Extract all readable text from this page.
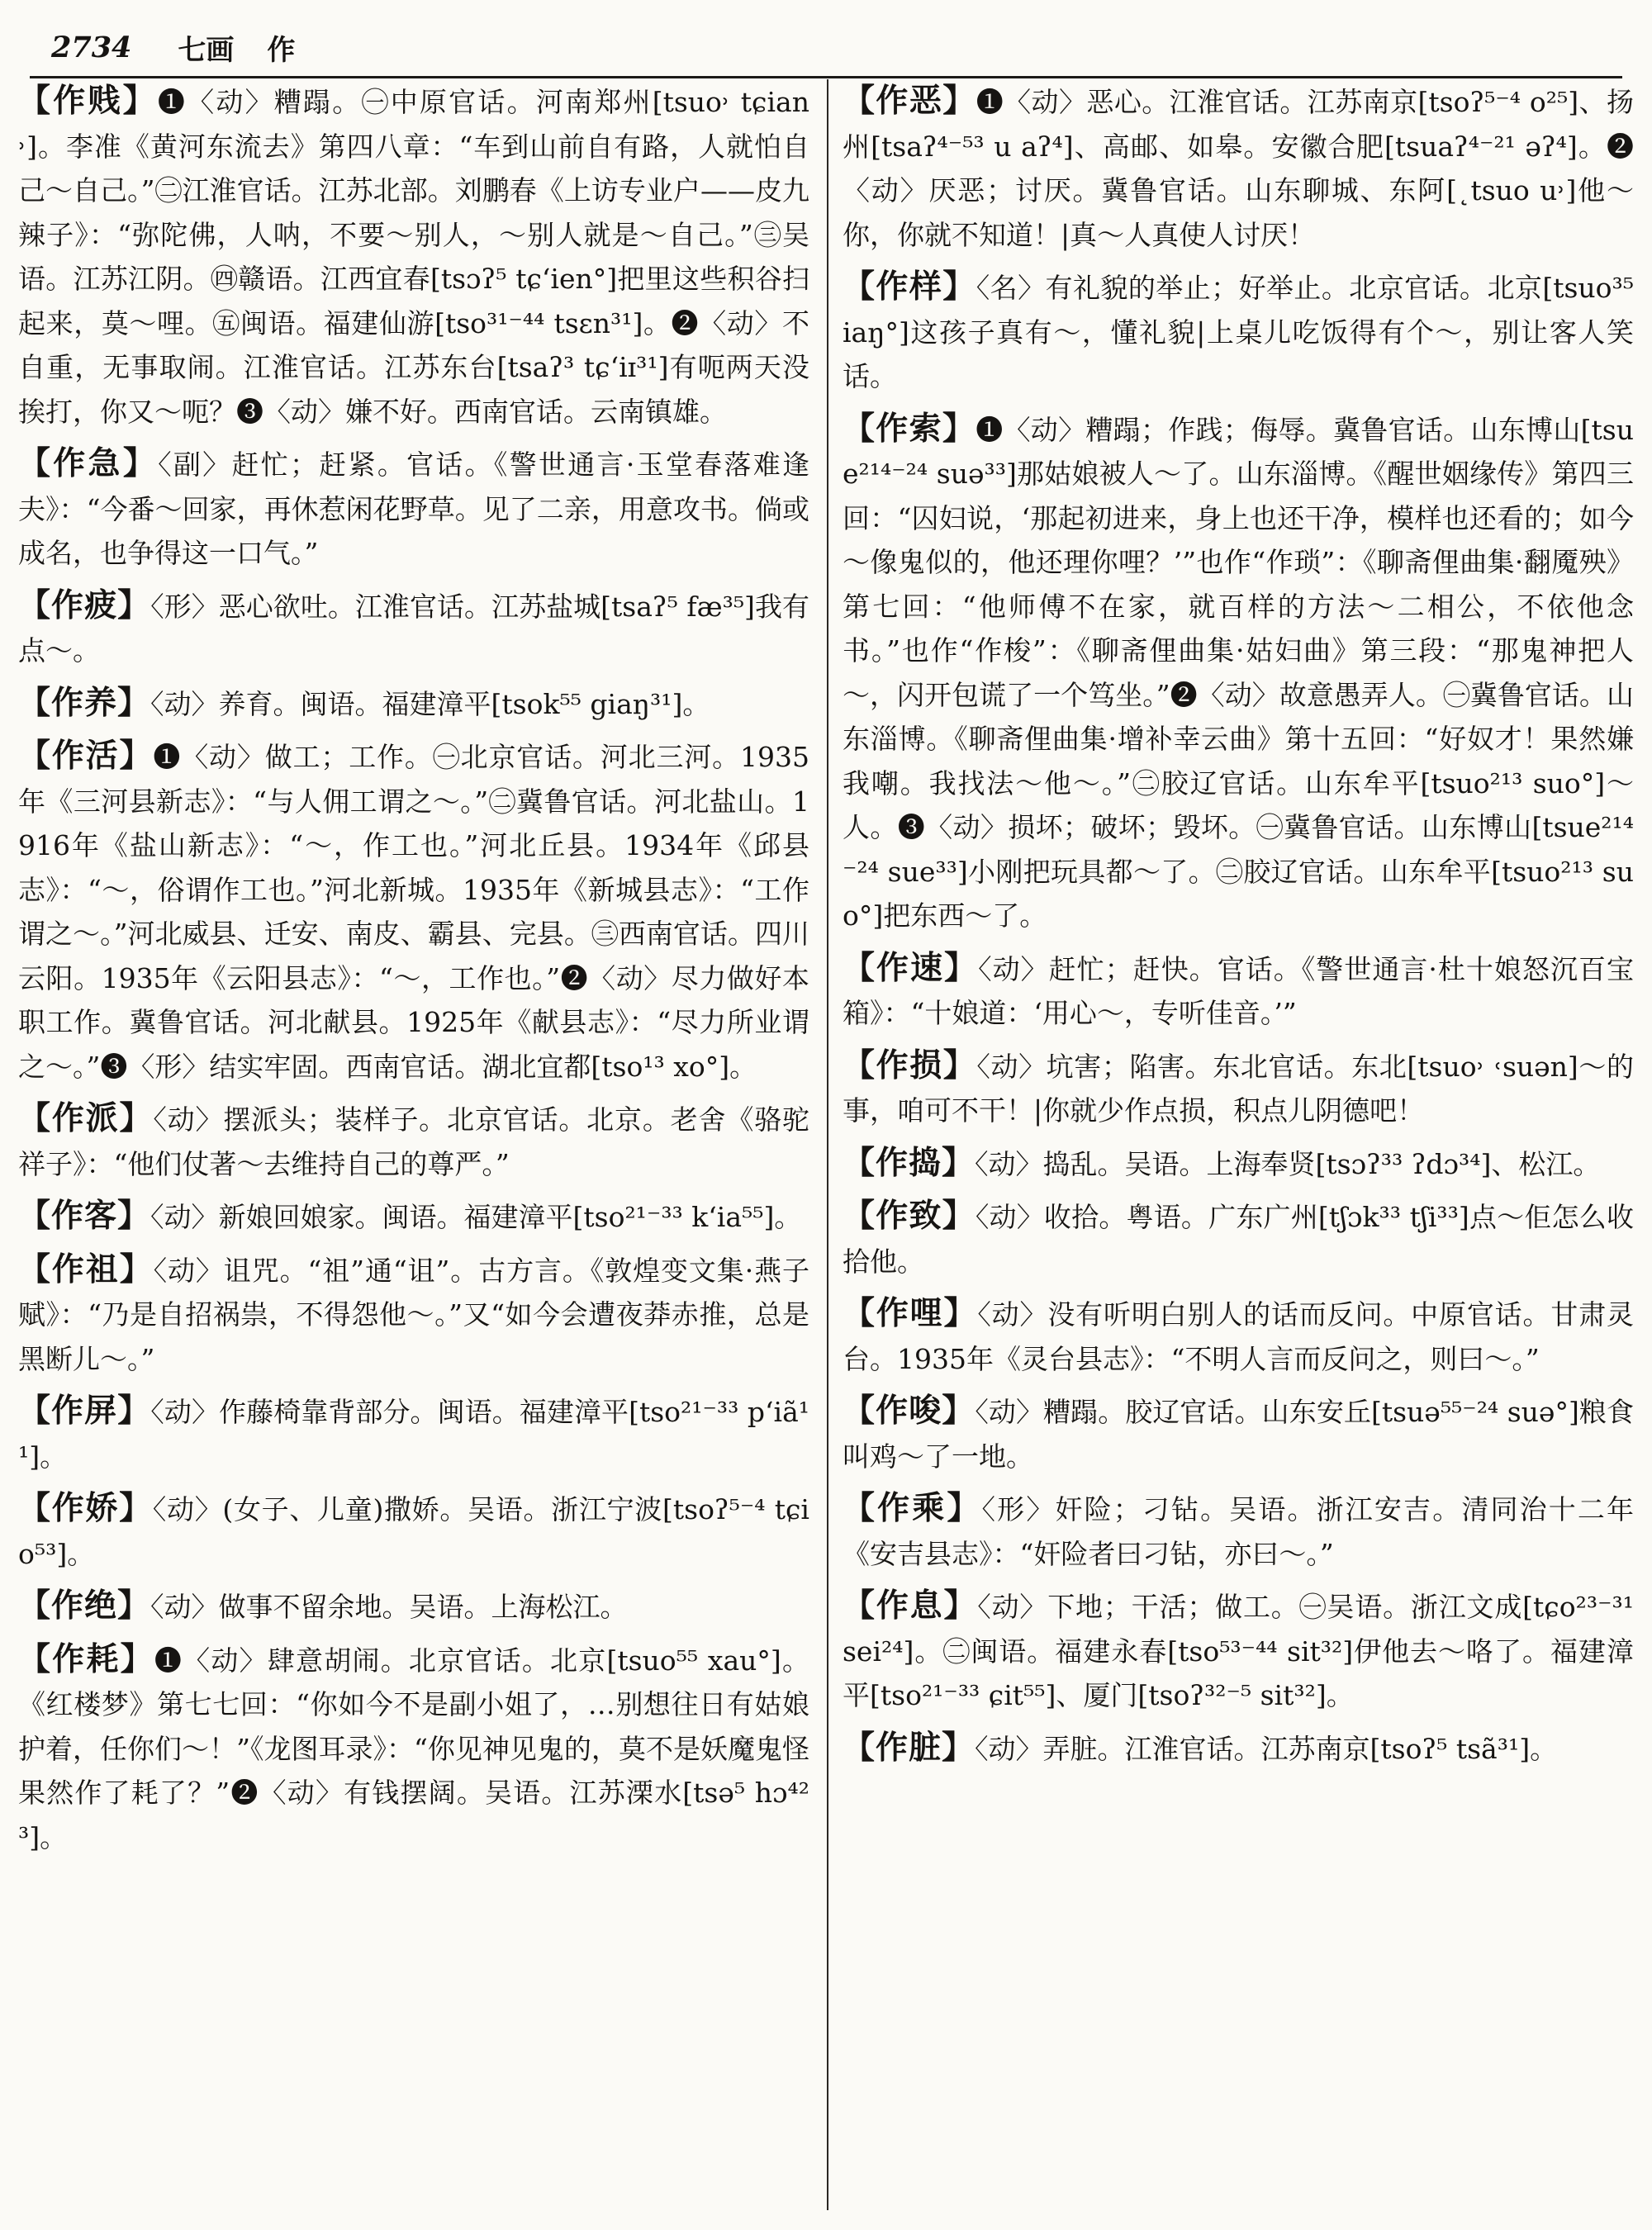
2734 七画 作

【作贱】❶〈动〉糟蹋。㊀中原官话。河南郑州[tsuo˒ tɕian˒]。李准《黄河东流去》第四八章：“车到山前自有路，人就怕自己～自己。”㊁江淮官话。江苏北部。刘鹏春《上访专业户——皮九辣子》：“弥陀佛，人呐，不要～别人，～别人就是～自己。”㊂吴语。江苏江阴。㊃赣语。江西宜春[tsɔʔ⁵ tɕʻien°]把里这些积谷扫起来，莫～哩。㊄闽语。福建仙游[tso³¹⁻⁴⁴ tsɛn³¹]。❷〈动〉不自重，无事取闹。江淮官话。江苏东台[tsaʔ³ tɕʻiɪ³¹]有呃两天没挨打，你又～呃？❸〈动〉嫌不好。西南官话。云南镇雄。

【作急】〈副〉赶忙；赶紧。官话。《警世通言·玉堂春落难逢夫》：“今番～回家，再休惹闲花野草。见了二亲，用意攻书。倘或成名，也争得这一口气。”

【作疲】〈形〉恶心欲吐。江淮官话。江苏盐城[tsaʔ⁵ fæ³⁵]我有点～。

【作养】〈动〉养育。闽语。福建漳平[tsok⁵⁵ giaŋ³¹]。

【作活】❶〈动〉做工；工作。㊀北京官话。河北三河。1935年《三河县新志》：“与人佣工谓之～。”㊁冀鲁官话。河北盐山。1916年《盐山新志》：“～，作工也。”河北丘县。1934年《邱县志》：“～，俗谓作工也。”河北新城。1935年《新城县志》：“工作谓之～。”河北威县、迁安、南皮、霸县、完县。㊂西南官话。四川云阳。1935年《云阳县志》：“～，工作也。”❷〈动〉尽力做好本职工作。冀鲁官话。河北献县。1925年《献县志》：“尽力所业谓之～。”❸〈形〉结实牢固。西南官话。湖北宜都[tso¹³ xo°]。

【作派】〈动〉摆派头；装样子。北京官话。北京。老舍《骆驼祥子》：“他们仗著～去维持自己的尊严。”

【作客】〈动〉新娘回娘家。闽语。福建漳平[tso²¹⁻³³ kʻia⁵⁵]。

【作祖】〈动〉诅咒。“祖”通“诅”。古方言。《敦煌变文集·燕子赋》：“乃是自招祸祟，不得怨他～。”又“如今会遭夜莽赤推，总是黑断儿～。”

【作屏】〈动〉作藤椅靠背部分。闽语。福建漳平[tso²¹⁻³³ pʻiã¹¹]。

【作娇】〈动〉(女子、儿童)撒娇。吴语。浙江宁波[tsoʔ⁵⁻⁴ tɕio⁵³]。

【作绝】〈动〉做事不留余地。吴语。上海松江。

【作耗】❶〈动〉肆意胡闹。北京官话。北京[tsuo⁵⁵ xau°]。《红楼梦》第七七回：“你如今不是副小姐了，…别想往日有姑娘护着，任你们～！”《龙图耳录》：“你见神见鬼的，莫不是妖魔鬼怪果然作了耗了？”❷〈动〉有钱摆阔。吴语。江苏溧水[tsə⁵ hɔ⁴²³]。

【作恶】❶〈动〉恶心。江淮官话。江苏南京[tsoʔ⁵⁻⁴ o²⁵]、扬州[tsaʔ⁴⁻⁵³ u aʔ⁴]、高邮、如皋。安徽合肥[tsuaʔ⁴⁻²¹ əʔ⁴]。❷〈动〉厌恶；讨厌。冀鲁官话。山东聊城、东阿[˛tsuo u˒]他～你，你就不知道！|真～人真使人讨厌！

【作样】〈名〉有礼貌的举止；好举止。北京官话。北京[tsuo³⁵ iaŋ°]这孩子真有～，懂礼貌|上桌儿吃饭得有个～，别让客人笑话。

【作索】❶〈动〉糟蹋；作践；侮辱。冀鲁官话。山东博山[tsue²¹⁴⁻²⁴ suə³³]那姑娘被人～了。山东淄博。《醒世姻缘传》第四三回：“囚妇说，‘那起初进来，身上也还干净，模样也还看的；如今～像鬼似的，他还理你哩？’”也作“作琐”：《聊斋俚曲集·翻魇殃》第七回：“他师傅不在家，就百样的方法～二相公，不依他念书。”也作“作梭”：《聊斋俚曲集·姑妇曲》第三段：“那鬼神把人～，闪开包谎了一个笃坐。”❷〈动〉故意愚弄人。㊀冀鲁官话。山东淄博。《聊斋俚曲集·增补幸云曲》第十五回：“好奴才！果然嫌我嘲。我找法～他～。”㊁胶辽官话。山东牟平[tsuo²¹³ suo°]～人。❸〈动〉损坏；破坏；毁坏。㊀冀鲁官话。山东博山[tsue²¹⁴⁻²⁴ sue³³]小刚把玩具都～了。㊁胶辽官话。山东牟平[tsuo²¹³ suo°]把东西～了。

【作速】〈动〉赶忙；赶快。官话。《警世通言·杜十娘怒沉百宝箱》：“十娘道：‘用心～，专听佳音。’”

【作损】〈动〉坑害；陷害。东北官话。东北[tsuo˒ ˓suən]～的事，咱可不干！|你就少作点损，积点儿阴德吧！

【作捣】〈动〉捣乱。吴语。上海奉贤[tsɔʔ³³ ʔdɔ³⁴]、松江。

【作致】〈动〉收拾。粤语。广东广州[tʃɔk³³ tʃi³³]点～佢怎么收拾他。

【作哩】〈动〉没有听明白别人的话而反问。中原官话。甘肃灵台。1935年《灵台县志》：“不明人言而反问之，则曰～。”

【作唆】〈动〉糟蹋。胶辽官话。山东安丘[tsuə⁵⁵⁻²⁴ suə°]粮食叫鸡～了一地。

【作乘】〈形〉奸险；刁钻。吴语。浙江安吉。清同治十二年《安吉县志》：“奸险者曰刁钻，亦曰～。”

【作息】〈动〉下地；干活；做工。㊀吴语。浙江文成[tɕo²³⁻³¹ sei²⁴]。㊁闽语。福建永春[tso⁵³⁻⁴⁴ sit³²]伊他去～咯了。福建漳平[tso²¹⁻³³ ɕit⁵⁵]、厦门[tsoʔ³²⁻⁵ sit³²]。

【作脏】〈动〉弄脏。江淮官话。江苏南京[tsoʔ⁵ tsã³¹]。
